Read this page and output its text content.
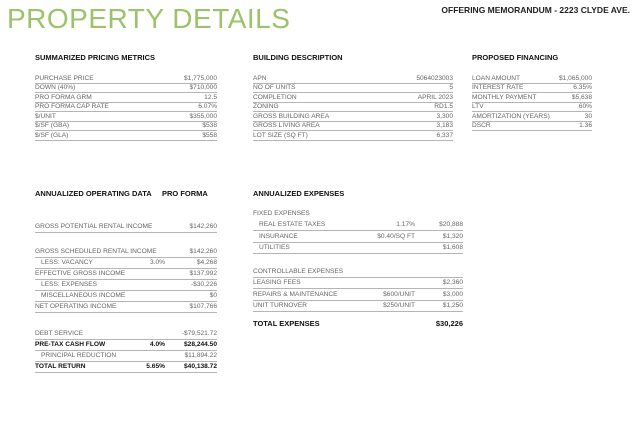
PROPERTY DETAILS	OFFERING MEMORANDUM - 2223 CLYDE AVE.
SUMMARIZED PRICING METRICS
PURCHASE PRICE	$1,775,000
DOWN (40%)	$710,000
PRO FORMA GRM	12.5
PRO FORMA CAP RATE	6.07%
$/UNIT	$355,000
$/SF (GBA)	$538
$/SF (GLA)	$558
BUILDING DESCRIPTION
APN	5064023003
NO OF UNITS	5
COMPLETION	APRIL 2023
ZONING	RD1.5
GROSS BUILDING AREA	3,300
GROSS LIVING AREA	3,183
LOT SIZE (SQ FT)	6,337
PROPOSED FINANCING
LOAN AMOUNT	$1,065,000
INTEREST RATE	6.35%
MONTHLY PAYMENT	$5,638
LTV	60%
AMORTIZATION (YEARS)	30
DSCR	1.36
ANNUALIZED OPERATING DATA	PRO FORMA
GROSS POTENTIAL RENTAL INCOME	$142,260
GROSS SCHEDULED RENTAL INCOME	$142,260
LESS: VACANCY	3.0%	$4,268
EFFECTIVE GROSS INCOME	$137,992
LESS: EXPENSES	-$30,226
MISCELLANEOUS INCOME	$0
NET OPERATING INCOME	$107,766
DEBT SERVICE	-$79,521.72
PRE-TAX CASH FLOW	4.0%	$28,244.50
PRINCIPAL REDUCTION	$11,894.22
TOTAL RETURN	5.65%	$40,138.72
ANNUALIZED EXPENSES
FIXED EXPENSES
REAL ESTATE TAXES	1.17%	$20,888
INSURANCE	$0.40/SQ FT	$1,320
UTILITIES	$1,608
CONTROLLABLE EXPENSES
LEASING FEES	$2,360
REPAIRS & MAINTENANCE	$600/UNIT	$3,000
UNIT TURNOVER	$250/UNIT	$1,250
TOTAL EXPENSES	$30,226
